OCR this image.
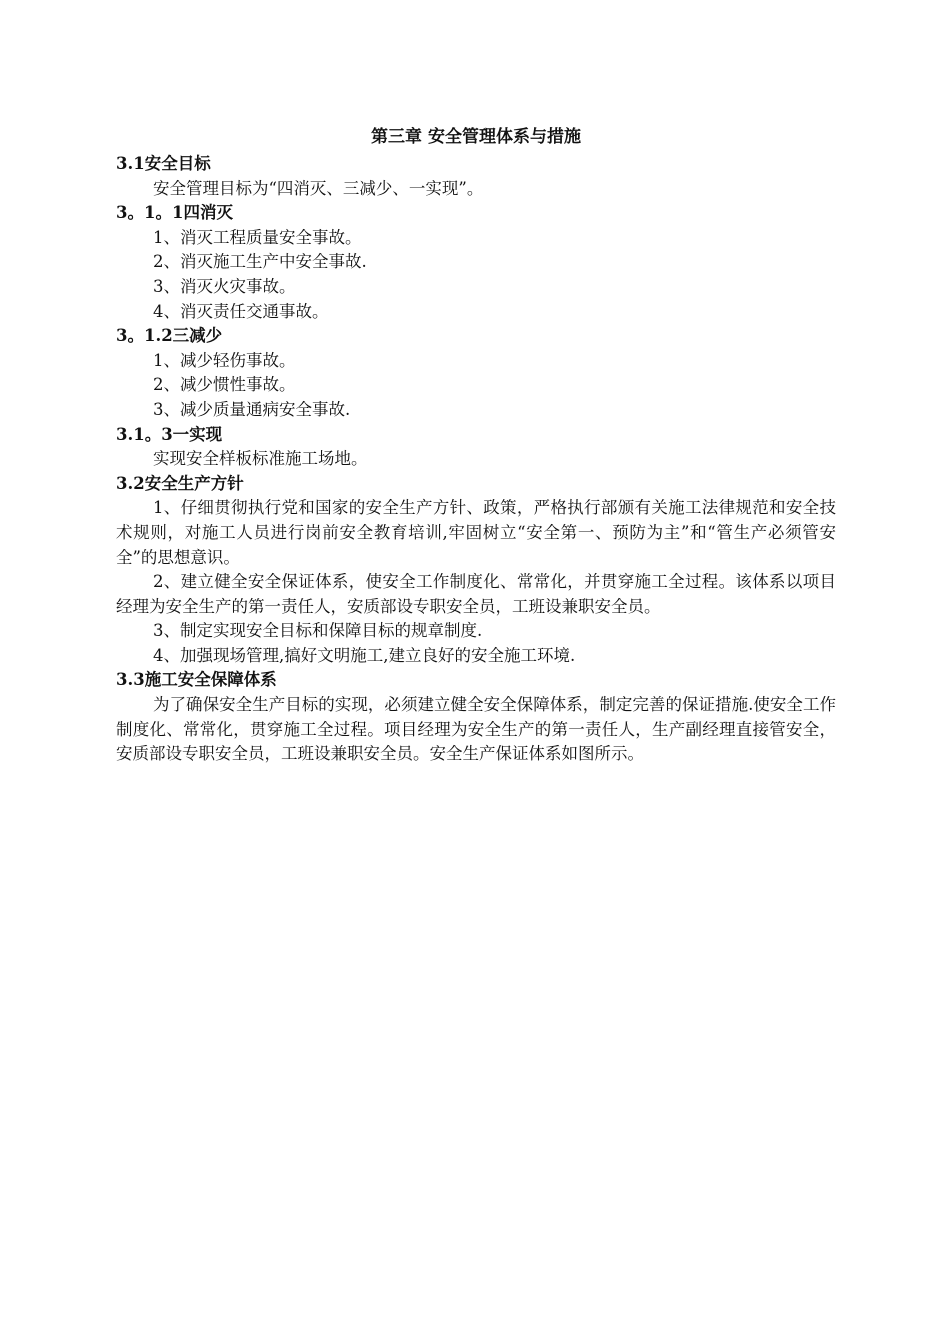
第三章 安全管理体系与措施
3.1安全目标
安全管理目标为“四消灭、三减少、一实现”。
3。1。1四消灭
1、消灭工程质量安全事故。
2、消灭施工生产中安全事故.
3、消灭火灾事故。
4、消灭责任交通事故。
3。1.2三减少
1、减少轻伤事故。
2、减少惯性事故。
3、减少质量通病安全事故.
3.1。3一实现
实现安全样板标准施工场地。
3.2安全生产方针
1、仔细贯彻执行党和国家的安全生产方针、政策，严格执行部颁有关施工法律规范和安全技术规则，对施工人员进行岗前安全教育培训,牢固树立“安全第一、预防为主”和“管生产必须管安全”的思想意识。
2、建立健全安全保证体系，使安全工作制度化、常常化，并贯穿施工全过程。该体系以项目经理为安全生产的第一责任人，安质部设专职安全员，工班设兼职安全员。
3、制定实现安全目标和保障目标的规章制度.
4、加强现场管理,搞好文明施工,建立良好的安全施工环境.
3.3施工安全保障体系
为了确保安全生产目标的实现，必须建立健全安全保障体系，制定完善的保证措施.使安全工作制度化、常常化，贯穿施工全过程。项目经理为安全生产的第一责任人，生产副经理直接管安全，安质部设专职安全员，工班设兼职安全员。安全生产保证体系如图所示。
